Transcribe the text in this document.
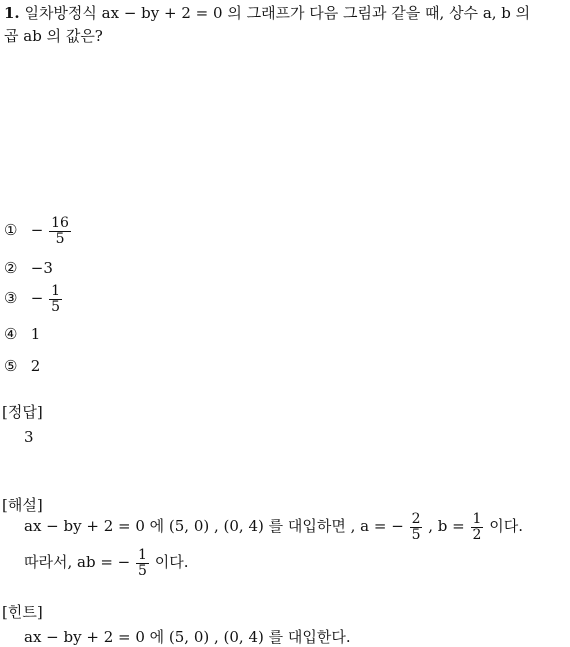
1. 일차방정식 ax − by + 2 = 0 의 그래프가 다음 그림과 같을 때, 상수 a, b 의
곱 ab 의 값은?
① − $\frac{16}{5}$
② −3
③ − $\frac{1}{5}$
④ 1
⑤ 2
[정답]
3
[해설]
ax − by + 2 = 0 에 (5, 0) , (0, 4) 를 대입하면 , a = − $\frac{2}{5}$ , $b = \frac{1}{2}$ 이다.
따라서, ab = − $\frac{1}{5}$ 이다.
[힌트]
ax − by + 2 = 0 에 (5, 0) , (0, 4) 를 대입한다.
